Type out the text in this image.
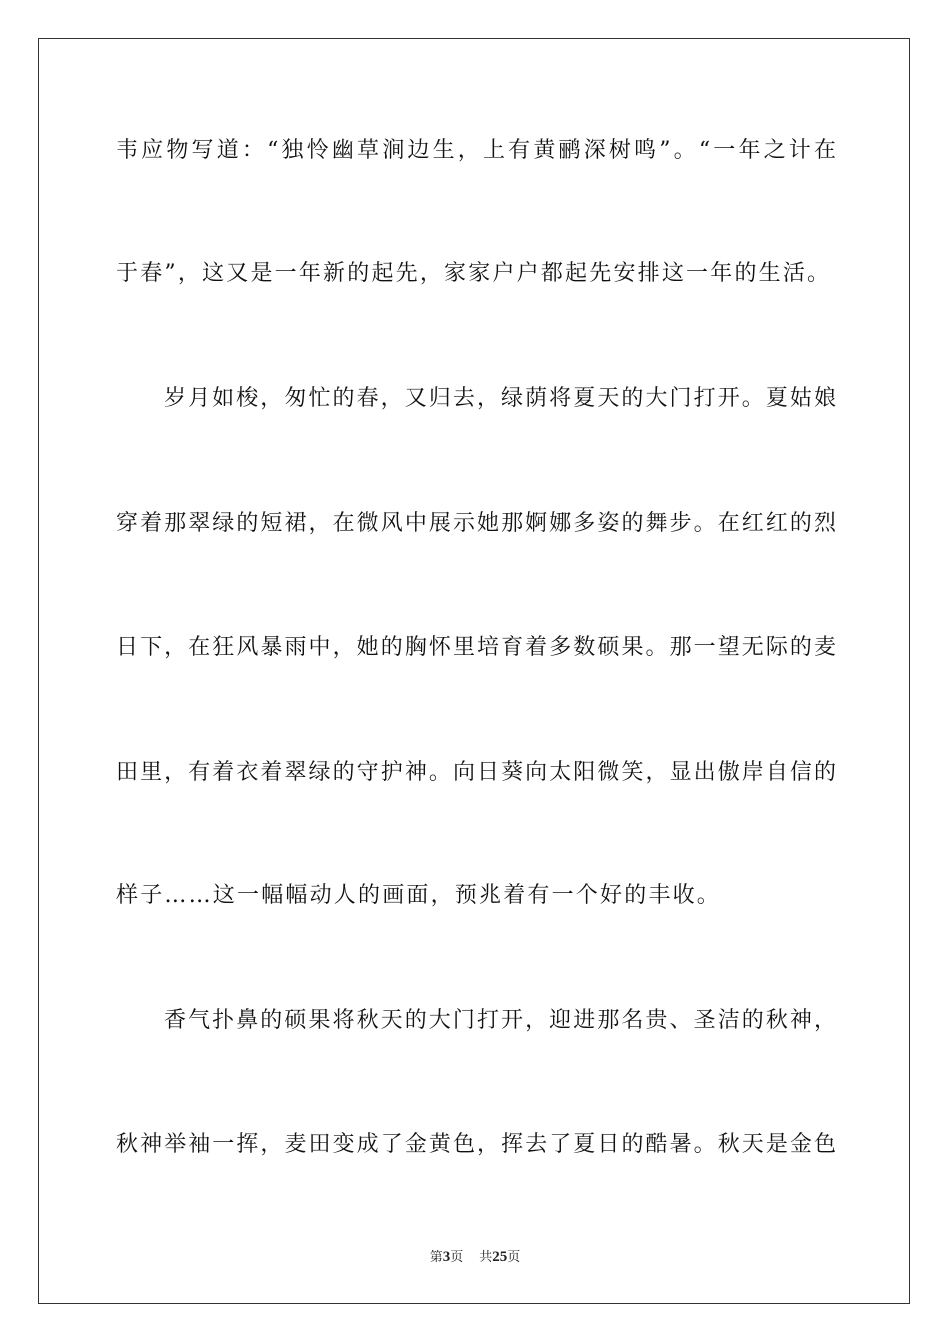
韦应物写道：“独怜幽草涧边生，上有黄鹂深树鸣”。“一年之计在
于春”，这又是一年新的起先，家家户户都起先安排这一年的生活。
岁月如梭，匆忙的春，又归去，绿荫将夏天的大门打开。夏姑娘
穿着那翠绿的短裙，在微风中展示她那婀娜多姿的舞步。在红红的烈
日下，在狂风暴雨中，她的胸怀里培育着多数硕果。那一望无际的麦
田里，有着衣着翠绿的守护神。向日葵向太阳微笑，显出傲岸自信的
样子……这一幅幅动人的画面，预兆着有一个好的丰收。
香气扑鼻的硕果将秋天的大门打开，迎进那名贵、圣洁的秋神，
秋神举袖一挥，麦田变成了金黄色，挥去了夏日的酷暑。秋天是金色
第3页 共25页
